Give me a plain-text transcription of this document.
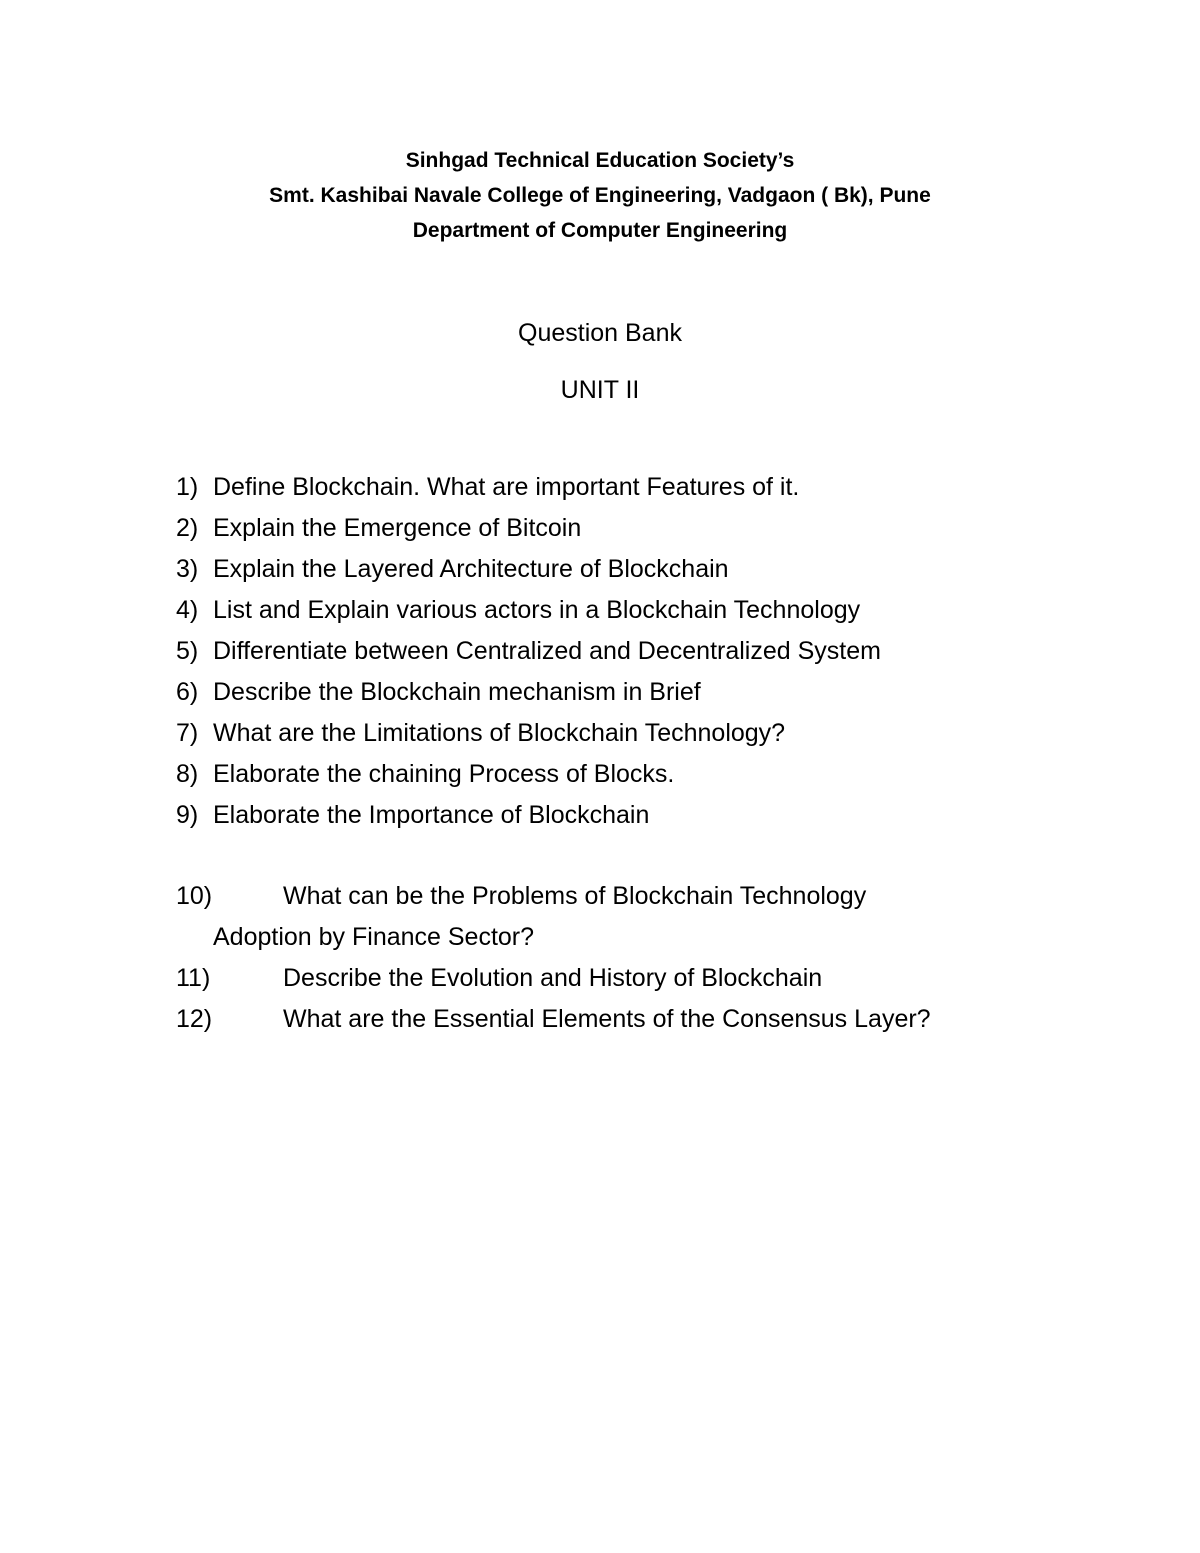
Sinhgad Technical Education Society’s
Smt. Kashibai Navale College of Engineering, Vadgaon ( Bk), Pune
Department of Computer Engineering
Question Bank
UNIT II
1) Define Blockchain. What are important Features of it.
2) Explain the Emergence of Bitcoin
3) Explain the Layered Architecture of Blockchain
4) List and Explain various actors in a Blockchain Technology
5) Differentiate between Centralized and Decentralized System
6) Describe the Blockchain mechanism in Brief
7) What are the Limitations of Blockchain Technology?
8) Elaborate the chaining Process of Blocks.
9) Elaborate the Importance of Blockchain
10)	What can be the Problems of Blockchain Technology
11)	Describe the Evolution and History of Blockchain
12)	What are the Essential Elements of the Consensus Layer?
Adoption by Finance Sector?
